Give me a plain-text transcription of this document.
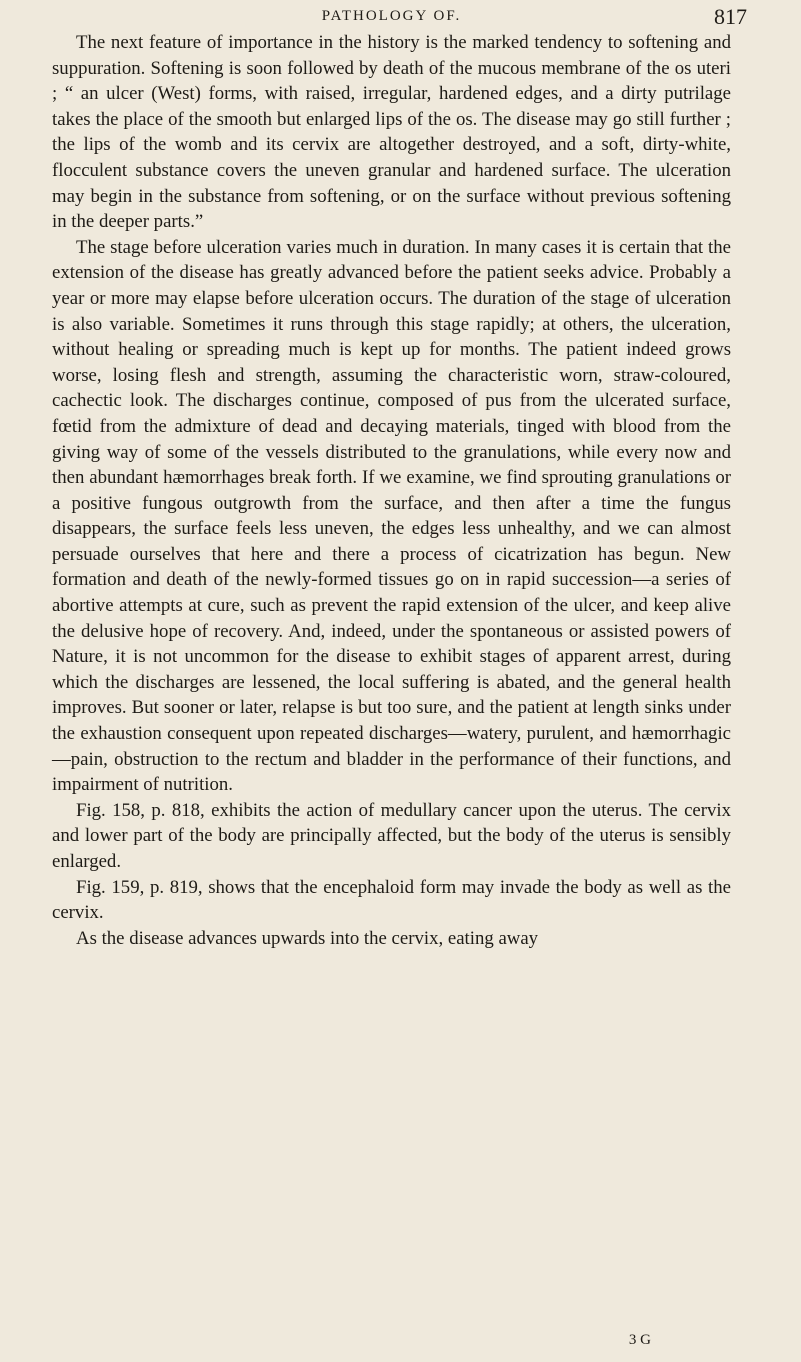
PATHOLOGY OF.	817

The next feature of importance in the history is the marked tendency to softening and suppuration. Softening is soon followed by death of the mucous membrane of the os uteri ; “ an ulcer (West) forms, with raised, irregular, hardened edges, and a dirty putrilage takes the place of the smooth but enlarged lips of the os. The disease may go still further ; the lips of the womb and its cervix are altogether destroyed, and a soft, dirty-white, flocculent substance covers the uneven granular and hardened surface. The ulceration may begin in the substance from softening, or on the surface without previous softening in the deeper parts.”

The stage before ulceration varies much in duration. In many cases it is certain that the extension of the disease has greatly advanced before the patient seeks advice. Probably a year or more may elapse before ulceration occurs. The duration of the stage of ulceration is also variable. Sometimes it runs through this stage rapidly; at others, the ulceration, without healing or spreading much is kept up for months. The patient indeed grows worse, losing flesh and strength, assuming the characteristic worn, straw-coloured, cachectic look. The discharges continue, composed of pus from the ulcerated surface, fœtid from the admixture of dead and decaying materials, tinged with blood from the giving way of some of the vessels distributed to the granulations, while every now and then abundant hæmorrhages break forth. If we examine, we find sprouting granulations or a positive fungous outgrowth from the surface, and then after a time the fungus disappears, the surface feels less uneven, the edges less unhealthy, and we can almost persuade ourselves that here and there a process of cicatrization has begun. New formation and death of the newly-formed tissues go on in rapid succession—a series of abortive attempts at cure, such as prevent the rapid extension of the ulcer, and keep alive the delusive hope of recovery. And, indeed, under the spontaneous or assisted powers of Nature, it is not uncommon for the disease to exhibit stages of apparent arrest, during which the discharges are lessened, the local suffering is abated, and the general health improves. But sooner or later, relapse is but too sure, and the patient at length sinks under the exhaustion consequent upon repeated discharges—watery, purulent, and hæmorrhagic—pain, obstruction to the rectum and bladder in the performance of their functions, and impairment of nutrition.

Fig. 158, p. 818, exhibits the action of medullary cancer upon the uterus. The cervix and lower part of the body are principally affected, but the body of the uterus is sensibly enlarged.

Fig. 159, p. 819, shows that the encephaloid form may invade the body as well as the cervix.

As the disease advances upwards into the cervix, eating away

3 G
